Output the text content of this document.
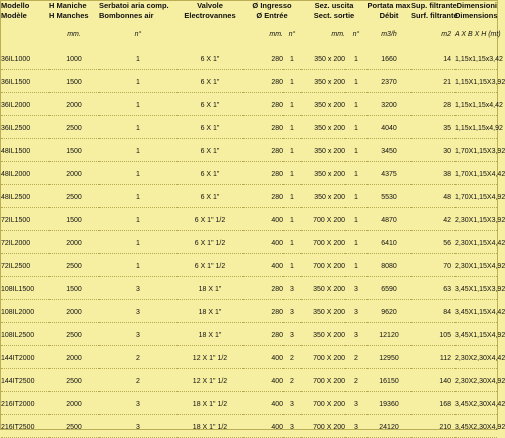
Modello	H Maniche	Serbatoi aria comp.	Valvole	Ø Ingresso		Sez. uscita		Portata max	Sup. filtrante	Dimensioni
Modèle	H Manches	Bombonnes air	Electrovannes	Ø Entrée		Sect. sortie		Débit	Surf. filtrante	Dimensions
	mm.	n°		mm.	n°	mm.	n°	m3/h	m2	A X B X H (mt)
36IL1000	1000	1	6 X 1"	280	1	350 x 200	1	1660	14	1,15x1,15x3,42
36IL1500	1500	1	6 X 1"	280	1	350 x 200	1	2370	21	1,15X1,15X3,92
36IL2000	2000	1	6 X 1"	280	1	350 x 200	1	3200	28	1,15x1,15x4,42
36IL2500	2500	1	6 X 1"	280	1	350 x 200	1	4040	35	1,15x1,15x4,92
48IL1500	1500	1	6 X 1"	280	1	350 x 200	1	3450	30	1,70X1,15X3,92
48IL2000	2000	1	6 X 1"	280	1	350 x 200	1	4375	38	1,70X1,15X4,42
48IL2500	2500	1	6 X 1"	280	1	350 x 200	1	5530	48	1,70X1,15X4,92
72IL1500	1500	1	6 X 1" 1/2	400	1	700 X 200	1	4870	42	2,30X1,15X3,92
72IL2000	2000	1	6 X 1" 1/2	400	1	700 X 200	1	6410	56	2,30X1,15X4,42
72IL2500	2500	1	6 X 1" 1/2	400	1	700 X 200	1	8080	70	2,30X1,15X4,92
108IL1500	1500	3	18 X 1"	280	3	350 X 200	3	6590	63	3,45X1,15X3,92
108IL2000	2000	3	18 X 1"	280	3	350 X 200	3	9620	84	3,45X1,15X4,42
108IL2500	2500	3	18 X 1"	280	3	350 X 200	3	12120	105	3,45X1,15X4,92
144IT2000	2000	2	12 X 1" 1/2	400	2	700 X 200	2	12950	112	2,30X2,30X4,42
144IT2500	2500	2	12 X 1" 1/2	400	2	700 X 200	2	16150	140	2,30X2,30X4,92
216IT2000	2000	3	18 X 1" 1/2	400	3	700 X 200	3	19360	168	3,45X2,30X4,42
216IT2500	2500	3	18 X 1" 1/2	400	3	700 X 200	3	24120	210	3,45X2,30X4,92
